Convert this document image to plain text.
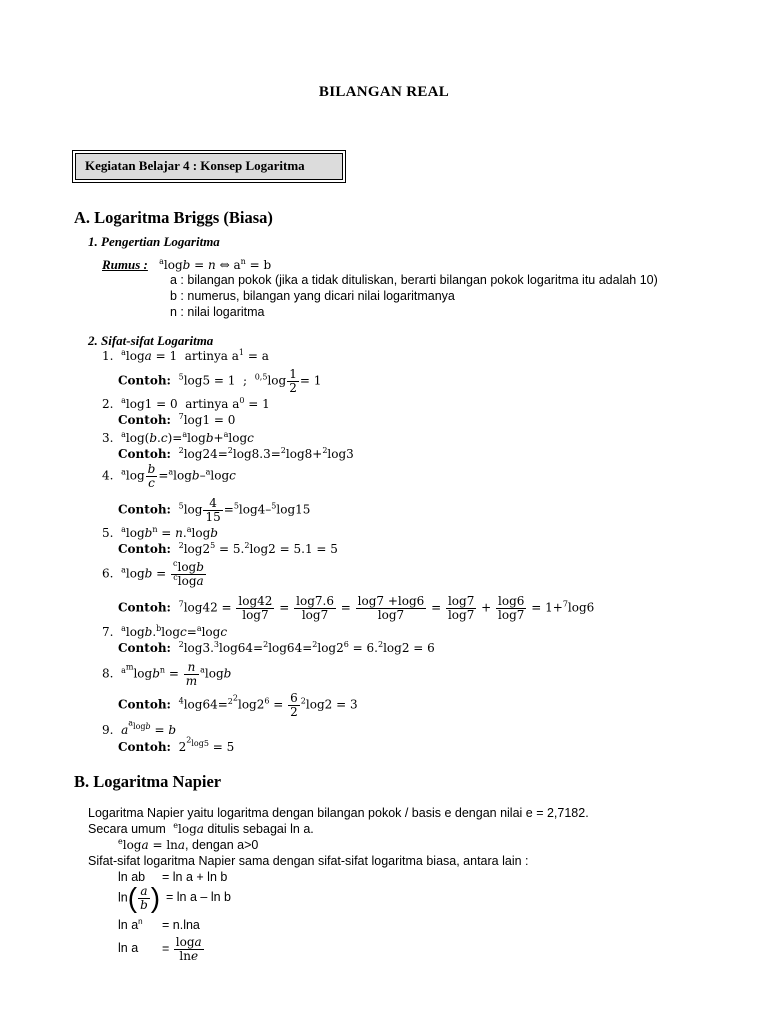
BILANGAN REAL
Kegiatan Belajar 4 : Konsep Logaritma
A. Logaritma Briggs (Biasa)
1. Pengertian Logaritma
Rumus : $^a$logb = n ⇔ $a^n = b$
a : bilangan pokok (jika a tidak dituliskan, berarti bilangan pokok logaritma itu adalah 10)
b : numerus, bilangan yang dicari nilai logaritmanya
n : nilai logaritma
2. Sifat-sifat Logaritma
1. $^a$loga = 1  artinya $a^1 = a$
Contoh: $^5$log5 = 1  ;  $^{0,5}\log \frac{1}{2} = 1$
2. $^a$log1 = 0  artinya $a^0 = 1$
Contoh: $^7$log1 = 0
3. $^a$log(b.c)=$^a$logb+$^a$logc
Contoh: $^2$log24=$^2$log8.3=$^2$log8+$^2$log3
4. $^a\log \frac{b}{c} =^a\log b-^a\log c$
Contoh: $^5\log \frac{4}{15} =^5\log 4-^5\log 15$
5. $^a$logb$^n$ = n.$^a$logb
Contoh: $^2\log 2^5 = 5.^2\log 2 = 5.1 = 5$
6. $^a\log b = \frac{^c\log b}{^c\log a}$
Contoh: $^7\log 42 = \frac{\log 42}{\log 7} = \frac{\log 7.6}{\log 7} = \frac{\log 7 +\log 6}{\log 7} = \frac{\log 7}{\log 7} + \frac{\log 6}{\log 7} = 1+^7\log 6$
7. $^a$logb.$^b$logc=$^a$logc
Contoh: $^2\log 3.^3\log 64=^2\log 64=^2\log 2^6 = 6.^2\log 2 = 6$
8. $^{a^m}\log b^n = \frac{n}{m} ^a\log b$
Contoh: $^4\log 64=^{2^2}\log 2^6 = \frac{6}{2} ^2\log 2 = 3$
9. $a^{^alogb} = b$
Contoh:  $2^{^2log5} = 5$
B. Logaritma Napier
Logaritma Napier yaitu logaritma dengan bilangan pokok / basis e dengan nilai e = 2,7182.
Secara umum $^e$loga ditulis sebagai ln a.
$^e$loga = lna, dengan a>0
Sifat-sifat logaritma Napier sama dengan sifat-sifat logaritma biasa, antara lain :
ln ab = ln a + ln b
$\ln( \frac{a}{b}$ ) = ln a – ln b
$\ln a^n = n.\ln a$
$\ln a = \frac{\log a}{\ln e}$
